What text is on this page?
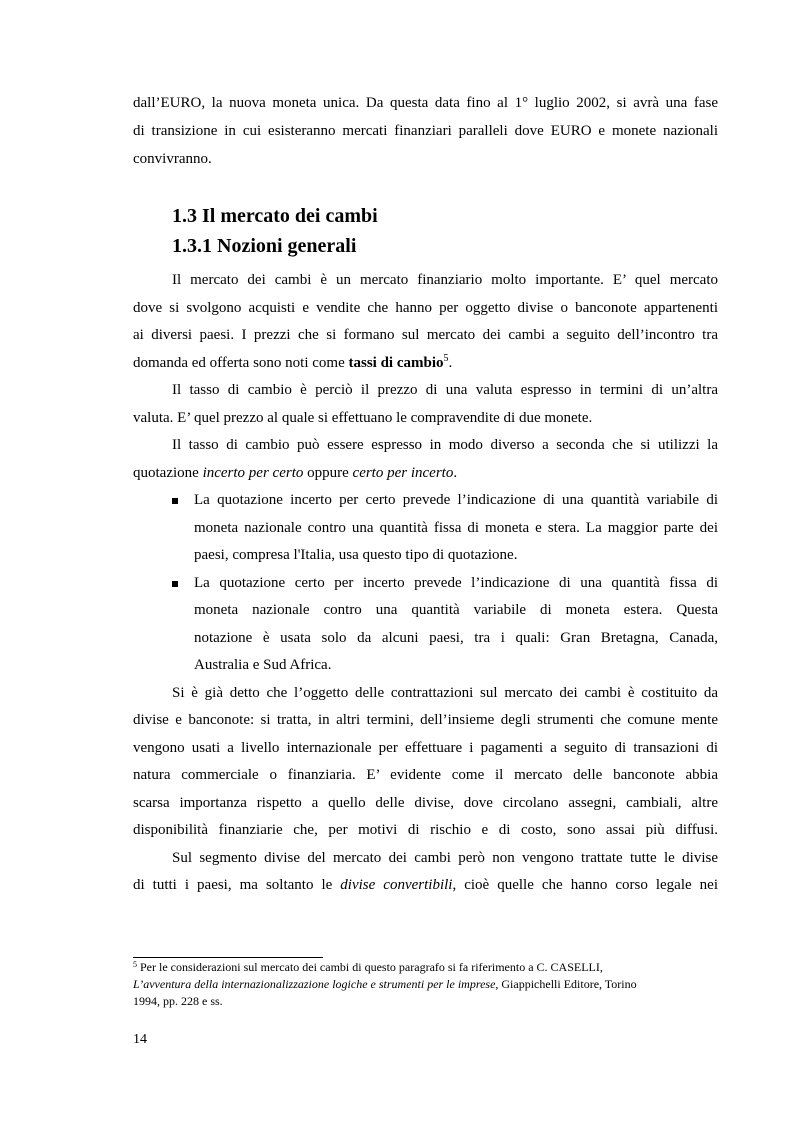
dall’EURO, la nuova moneta unica. Da questa data fino al 1° luglio 2002, si avrà una fase
di transizione in cui esisteranno mercati finanziari paralleli dove EURO e monete nazionali
convivranno.
1.3 Il mercato dei cambi
1.3.1 Nozioni generali
Il mercato dei cambi è un mercato finanziario molto importante. E’ quel mercato
dove si svolgono acquisti e vendite che hanno per oggetto divise o banconote appartenenti
ai diversi paesi. I prezzi che si formano sul mercato dei cambi a seguito dell’incontro tra
domanda ed offerta sono noti come tassi di cambio$^5$.
Il tasso di cambio è perciò il prezzo di una valuta espresso in termini di un’altra
valuta. E’ quel prezzo al quale si effettuano le compravendite di due monete.
Il tasso di cambio può essere espresso in modo diverso a seconda che si utilizzi la
quotazione incerto per certo oppure certo per incerto.
La quotazione incerto per certo prevede l’indicazione di una quantità variabile di
moneta nazionale contro una quantità fissa di moneta e stera. La maggior parte dei
paesi, compresa l'Italia, usa questo tipo di quotazione.
La quotazione certo per incerto prevede l’indicazione di una quantità fissa di
moneta nazionale contro una quantità variabile di moneta estera. Questa
notazione è usata solo da alcuni paesi, tra i quali: Gran Bretagna, Canada,
Australia e Sud Africa.
Si è già detto che l’oggetto delle contrattazioni sul mercato dei cambi è costituito da
divise e banconote: si tratta, in altri termini, dell’insieme degli strumenti che comune mente
vengono usati a livello internazionale per effettuare i pagamenti a seguito di transazioni di
natura commerciale o finanziaria. E’ evidente come il mercato delle banconote abbia
scarsa importanza rispetto a quello delle divise, dove circolano assegni, cambiali, altre
disponibilità finanziarie che, per motivi di rischio e di costo, sono assai più diffusi.
Sul segmento divise del mercato dei cambi però non vengono trattate tutte le divise
di tutti i paesi, ma soltanto le divise convertibili, cioè quelle che hanno corso legale nei
$^5$ Per le considerazioni sul mercato dei cambi di questo paragrafo si fa riferimento a C. CASELLI,
L’avventura della internazionalizzazione logiche e strumenti per le imprese, Giappichelli Editore, Torino
1994, pp. 228 e ss.
14
